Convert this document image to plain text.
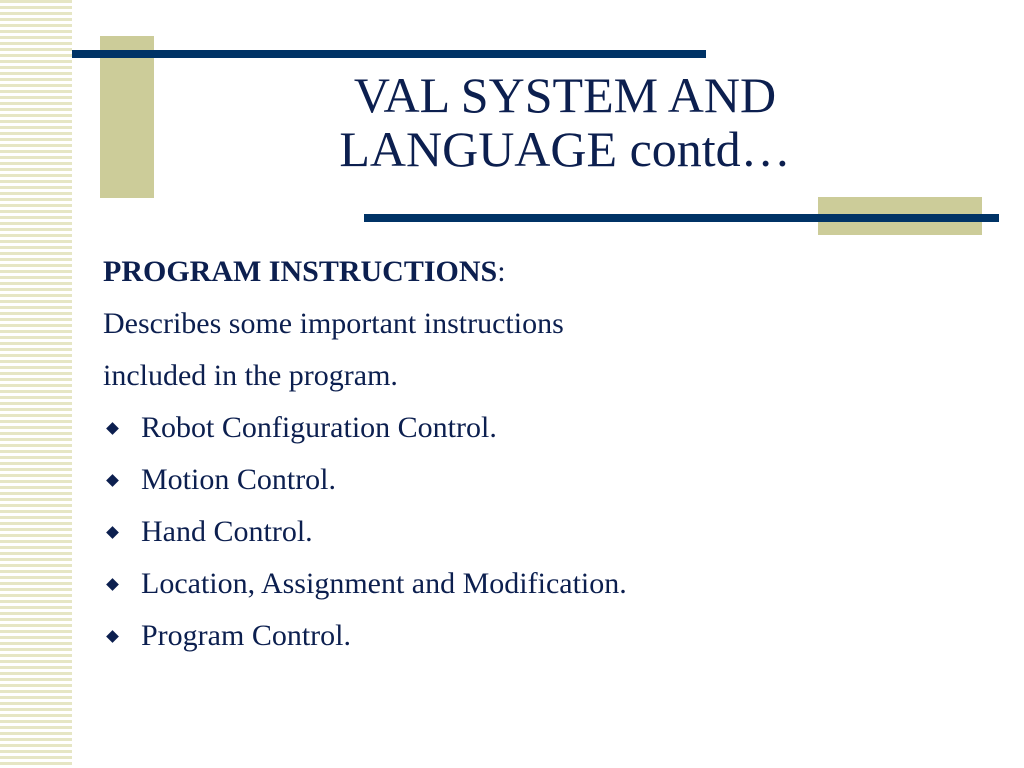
VAL SYSTEM AND
LANGUAGE contd…
PROGRAM INSTRUCTIONS:
Describes some important instructions
included in the program.
Robot Configuration Control.
Motion Control.
Hand Control.
Location, Assignment and Modification.
Program Control.
